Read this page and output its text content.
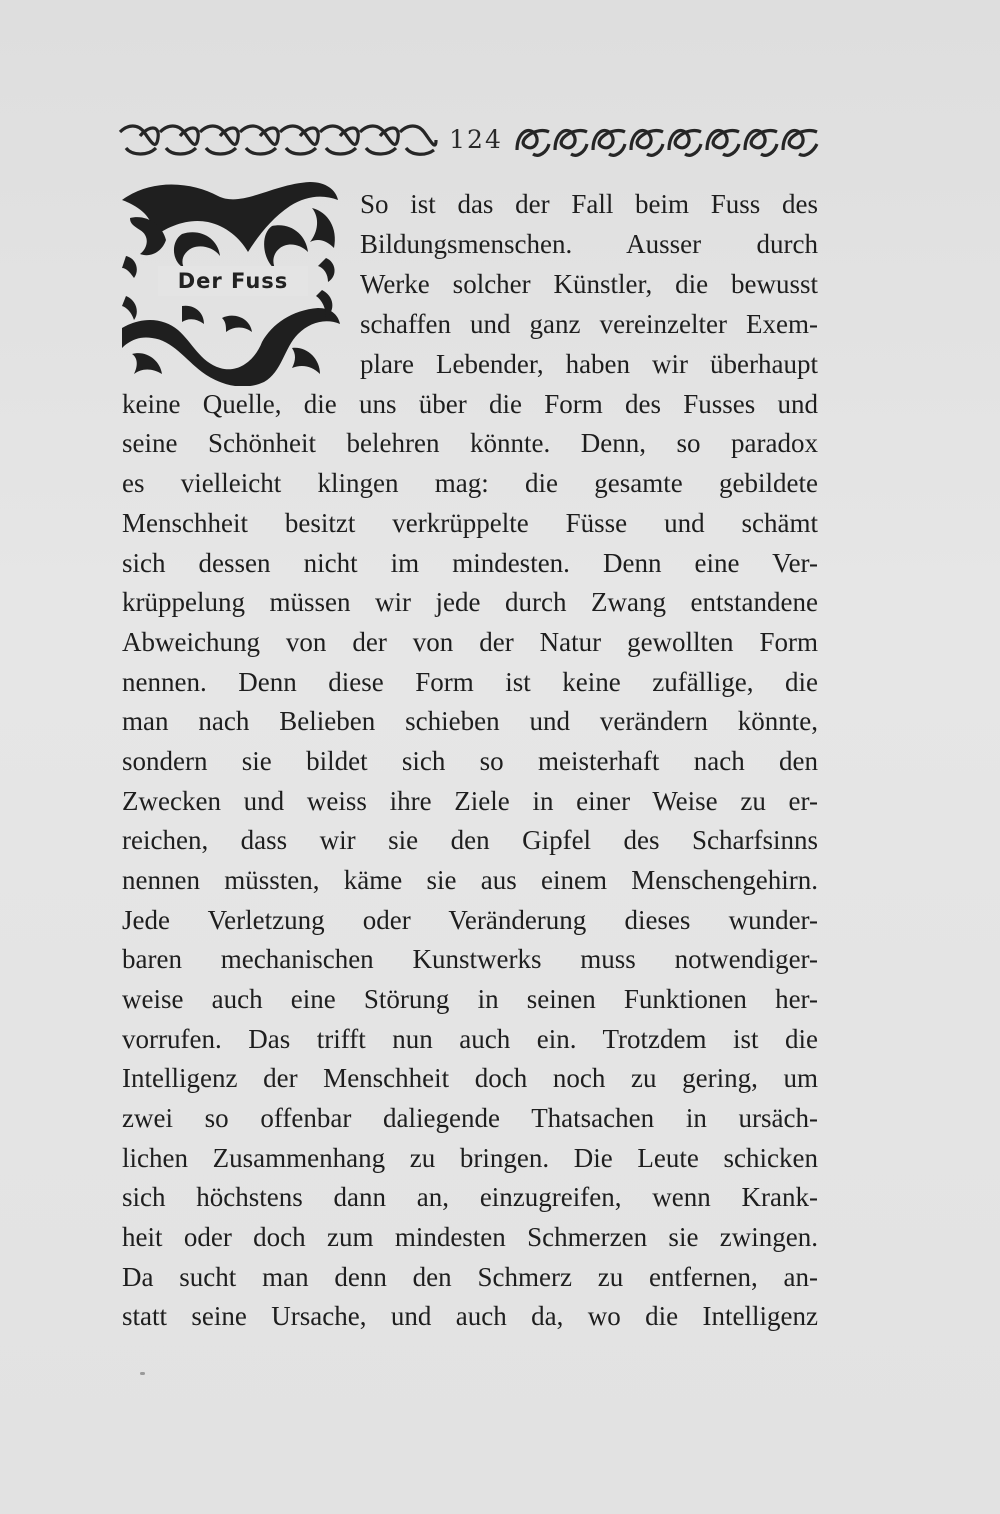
124
Der Fuss
So ist das der Fall beim Fuss des
Bildungsmenschen. Ausser durch
Werke solcher Künstler, die bewusst
schaffen und ganz vereinzelter Exem-
plare Lebender, haben wir überhaupt
keine Quelle, die uns über die Form des Fusses und
seine Schönheit belehren könnte. Denn, so paradox
es vielleicht klingen mag: die gesamte gebildete
Menschheit besitzt verkrüppelte Füsse und schämt
sich dessen nicht im mindesten. Denn eine Ver-
krüppelung müssen wir jede durch Zwang entstandene
Abweichung von der von der Natur gewollten Form
nennen. Denn diese Form ist keine zufällige, die
man nach Belieben schieben und verändern könnte,
sondern sie bildet sich so meisterhaft nach den
Zwecken und weiss ihre Ziele in einer Weise zu er-
reichen, dass wir sie den Gipfel des Scharfsinns
nennen müssten, käme sie aus einem Menschengehirn.
Jede Verletzung oder Veränderung dieses wunder-
baren mechanischen Kunstwerks muss notwendiger-
weise auch eine Störung in seinen Funktionen her-
vorrufen. Das trifft nun auch ein. Trotzdem ist die
Intelligenz der Menschheit doch noch zu gering, um
zwei so offenbar daliegende Thatsachen in ursäch-
lichen Zusammenhang zu bringen. Die Leute schicken
sich höchstens dann an, einzugreifen, wenn Krank-
heit oder doch zum mindesten Schmerzen sie zwingen.
Da sucht man denn den Schmerz zu entfernen, an-
statt seine Ursache, und auch da, wo die Intelligenz
